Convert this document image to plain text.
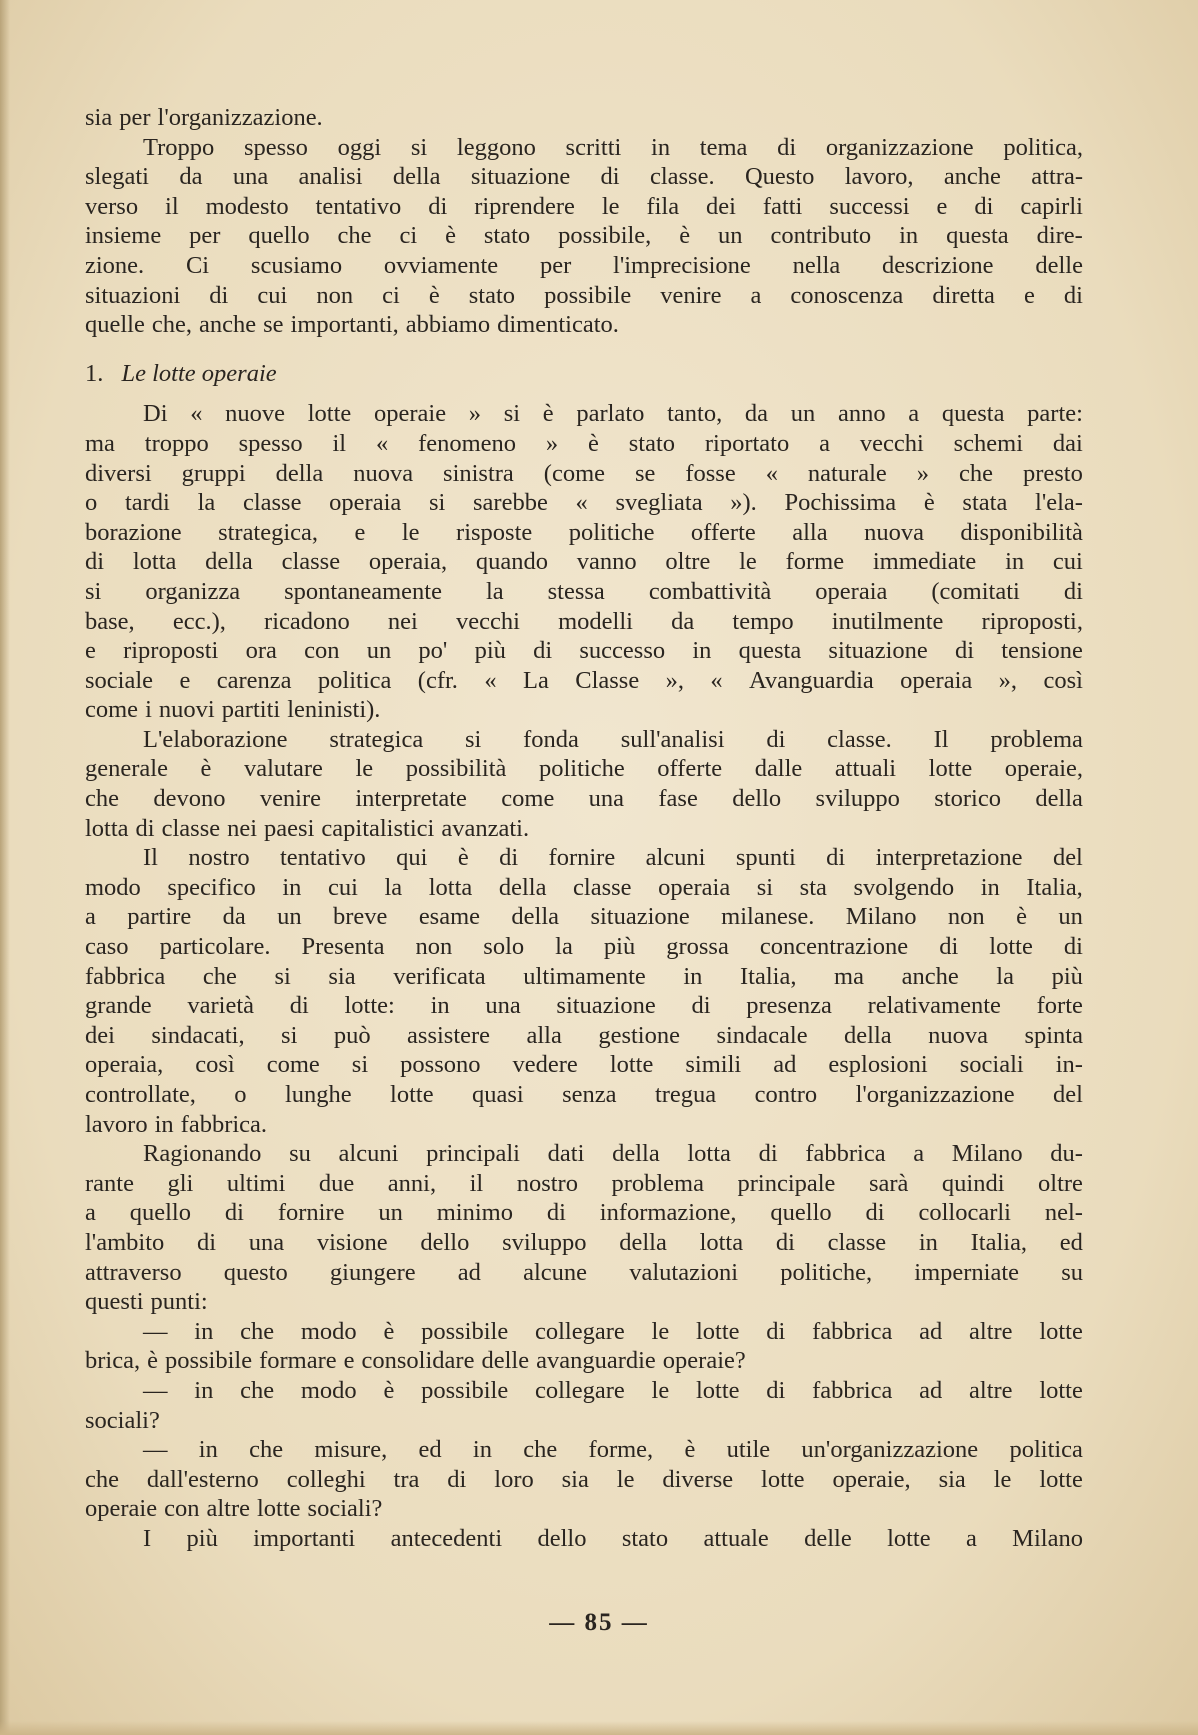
sia per l'organizzazione.
Troppo spesso oggi si leggono scritti in tema di organizzazione politica,
slegati da una analisi della situazione di classe. Questo lavoro, anche attra-
verso il modesto tentativo di riprendere le fila dei fatti successi e di capirli
insieme per quello che ci è stato possibile, è un contributo in questa dire-
zione. Ci scusiamo ovviamente per l'imprecisione nella descrizione delle
situazioni di cui non ci è stato possibile venire a conoscenza diretta e di
quelle che, anche se importanti, abbiamo dimenticato.
1. Le lotte operaie
Di « nuove lotte operaie » si è parlato tanto, da un anno a questa parte:
ma troppo spesso il « fenomeno » è stato riportato a vecchi schemi dai
diversi gruppi della nuova sinistra (come se fosse « naturale » che presto
o tardi la classe operaia si sarebbe « svegliata »). Pochissima è stata l'ela-
borazione strategica, e le risposte politiche offerte alla nuova disponibilità
di lotta della classe operaia, quando vanno oltre le forme immediate in cui
si organizza spontaneamente la stessa combattività operaia (comitati di
base, ecc.), ricadono nei vecchi modelli da tempo inutilmente riproposti,
e riproposti ora con un po' più di successo in questa situazione di tensione
sociale e carenza politica (cfr. « La Classe », « Avanguardia operaia », così
come i nuovi partiti leninisti).
L'elaborazione strategica si fonda sull'analisi di classe. Il problema
generale è valutare le possibilità politiche offerte dalle attuali lotte operaie,
che devono venire interpretate come una fase dello sviluppo storico della
lotta di classe nei paesi capitalistici avanzati.
Il nostro tentativo qui è di fornire alcuni spunti di interpretazione del
modo specifico in cui la lotta della classe operaia si sta svolgendo in Italia,
a partire da un breve esame della situazione milanese. Milano non è un
caso particolare. Presenta non solo la più grossa concentrazione di lotte di
fabbrica che si sia verificata ultimamente in Italia, ma anche la più
grande varietà di lotte: in una situazione di presenza relativamente forte
dei sindacati, si può assistere alla gestione sindacale della nuova spinta
operaia, così come si possono vedere lotte simili ad esplosioni sociali in-
controllate, o lunghe lotte quasi senza tregua contro l'organizzazione del
lavoro in fabbrica.
Ragionando su alcuni principali dati della lotta di fabbrica a Milano du-
rante gli ultimi due anni, il nostro problema principale sarà quindi oltre
a quello di fornire un minimo di informazione, quello di collocarli nel-
l'ambito di una visione dello sviluppo della lotta di classe in Italia, ed
attraverso questo giungere ad alcune valutazioni politiche, imperniate su
questi punti:
— in che modo è possibile collegare le lotte di fabbrica ad altre lotte
brica, è possibile formare e consolidare delle avanguardie operaie?
— in che modo è possibile collegare le lotte di fabbrica ad altre lotte
sociali?
— in che misure, ed in che forme, è utile un'organizzazione politica
che dall'esterno colleghi tra di loro sia le diverse lotte operaie, sia le lotte
operaie con altre lotte sociali?
I più importanti antecedenti dello stato attuale delle lotte a Milano
— 85 —
